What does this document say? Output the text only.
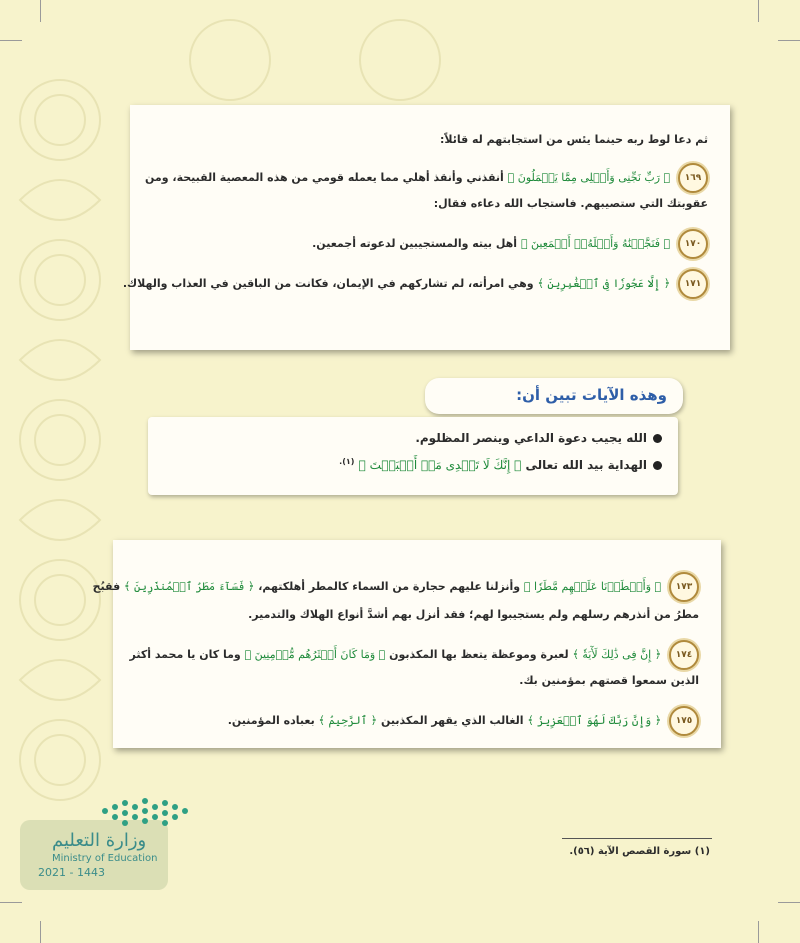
ثم دعا لوط ربه حينما يئس من استجابتهم له قائلاً:
١٦٩ ﴿ رَبِّ نَجِّنِى وَأَهۡلِى مِمَّا يَعۡمَلُونَ ﴾ أنقذني وأنقذ أهلي مما يعمله قومي من هذه المعصية القبيحة، ومن
عقوبتك التي ستصيبهم. فاستجاب الله دعاءه فقال:
١٧٠ ﴿ فَنَجَّيۡنَٰهُ وَأَهۡلَهُۥٓ أَجۡمَعِينَ ﴾ أهل بيته والمستجيبين لدعوته أجمعين.
١٧١ ﴿ إِلَّا عَجُوزٗا فِى ٱلۡغَٰبِرِينَ ﴾ وهي امرأته، لم تشاركهم في الإيمان، فكانت من الباقين في العذاب والهلاك.
وهذه الآيات تبين أن:
الله يجيب دعوة الداعي وينصر المظلوم.
الهداية بيد الله تعالى ﴿ إِنَّكَ لَا تَهۡدِى مَنۡ أَحۡبَبۡتَ ﴾ $^{(١).}$
١٧٣ ﴿ وَأَمۡطَرۡنَا عَلَيۡهِم مَّطَرٗا ﴾ وأنزلنا عليهم حجارة من السماء كالمطر أهلكتهم، ﴿ فَسَآءَ مَطَرُ ٱلۡمُنذَرِينَ ﴾ فقبُح
مطرُ من أنذرهم رسلهم ولم يستجيبوا لهم؛ فقد أنزل بهم أشدَّ أنواع الهلاك والتدمير.
١٧٤ ﴿ إِنَّ فِى ذَٰلِكَ لَأٓيَةٗ ﴾ لعبرة وموعظة يتعظ بها المكذبون ﴿ وَمَا كَانَ أَكۡثَرُهُم مُّؤۡمِنِينَ ﴾ وما كان يا محمد أكثر
الذين سمعوا قصتهم بمؤمنين بك.
١٧٥ ﴿ وَإِنَّ رَبَّكَ لَهُوَ ٱلۡعَزِيزُ ﴾ الغالب الذي يقهر المكذبين ﴿ ٱلرَّحِيمُ ﴾ بعباده المؤمنين.
(١) سورة القصص الآية (٥٦).
وزارة التعليم
Ministry of Education
2021 - 1443
